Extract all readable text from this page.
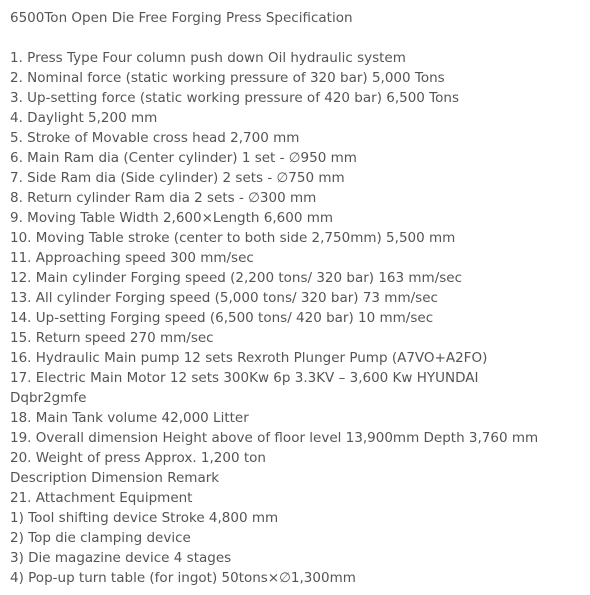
6500Ton Open Die Free Forging Press Specification
1. Press Type Four column push down Oil hydraulic system
2. Nominal force (static working pressure of 320 bar) 5,000 Tons
3. Up-setting force (static working pressure of 420 bar) 6,500 Tons
4. Daylight 5,200 mm
5. Stroke of Movable cross head 2,700 mm
6. Main Ram dia (Center cylinder) 1 set - ∅950 mm
7. Side Ram dia (Side cylinder) 2 sets - ∅750 mm
8. Return cylinder Ram dia 2 sets - ∅300 mm
9. Moving Table Width 2,600×Length 6,600 mm
10. Moving Table stroke (center to both side 2,750mm) 5,500 mm
11. Approaching speed 300 mm/sec
12. Main cylinder Forging speed (2,200 tons/ 320 bar) 163 mm/sec
13. All cylinder Forging speed (5,000 tons/ 320 bar) 73 mm/sec
14. Up-setting Forging speed (6,500 tons/ 420 bar) 10 mm/sec
15. Return speed 270 mm/sec
16. Hydraulic Main pump 12 sets Rexroth Plunger Pump (A7VO+A2FO)
17. Electric Main Motor 12 sets 300Kw 6p 3.3KV – 3,600 Kw HYUNDAI
Dqbr2gmfe
18. Main Tank volume 42,000 Litter
19. Overall dimension Height above of floor level 13,900mm Depth 3,760 mm
20. Weight of press Approx. 1,200 ton
Description Dimension Remark
21. Attachment Equipment
1) Tool shifting device Stroke 4,800 mm
2) Top die clamping device
3) Die magazine device 4 stages
4) Pop-up turn table (for ingot) 50tons×∅1,300mm
